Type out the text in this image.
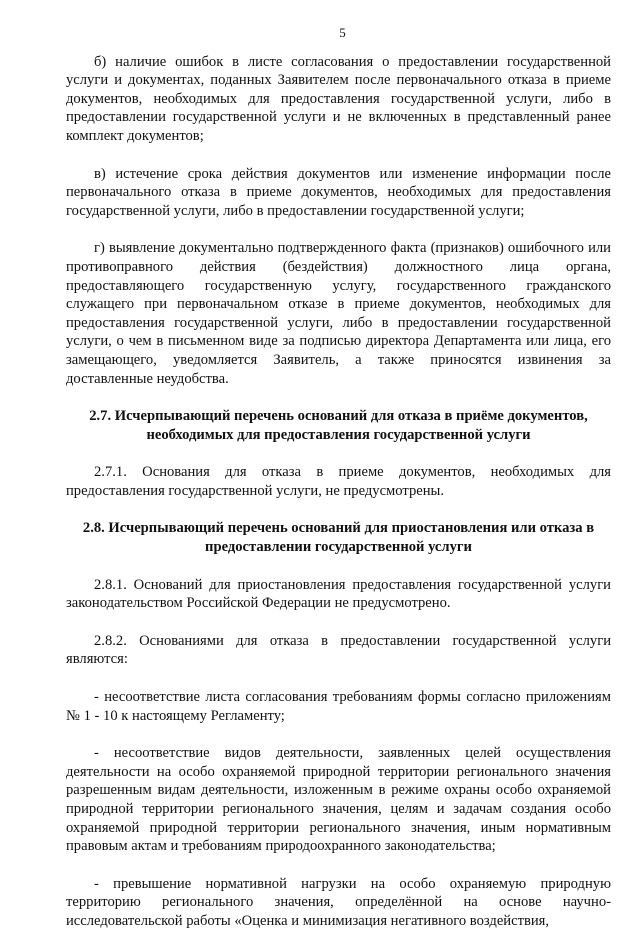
5

б) наличие ошибок в листе согласования о предоставлении государственной услуги и документах, поданных Заявителем после первоначального отказа в приеме документов, необходимых для предоставления государственной услуги, либо в предоставлении государственной услуги и не включенных в представленный ранее комплект документов;

в) истечение срока действия документов или изменение информации после первоначального отказа в приеме документов, необходимых для предоставления государственной услуги, либо в предоставлении государственной услуги;

г) выявление документально подтвержденного факта (признаков) ошибочного или противоправного действия (бездействия) должностного лица органа, предоставляющего государственную услугу, государственного гражданского служащего при первоначальном отказе в приеме документов, необходимых для предоставления государственной услуги, либо в предоставлении государственной услуги, о чем в письменном виде за подписью директора Департамента или лица, его замещающего, уведомляется Заявитель, а также приносятся извинения за доставленные неудобства.

2.7. Исчерпывающий перечень оснований для отказа в приёме документов, необходимых для предоставления государственной услуги

2.7.1. Основания для отказа в приеме документов, необходимых для предоставления государственной услуги, не предусмотрены.

2.8. Исчерпывающий перечень оснований для приостановления или отказа в предоставлении государственной услуги

2.8.1. Оснований для приостановления предоставления государственной услуги законодательством Российской Федерации не предусмотрено.

2.8.2. Основаниями для отказа в предоставлении государственной услуги являются:

- несоответствие листа согласования требованиям формы согласно приложениям № 1 - 10 к настоящему Регламенту;

- несоответствие видов деятельности, заявленных целей осуществления деятельности на особо охраняемой природной территории регионального значения разрешенным видам деятельности, изложенным в режиме охраны особо охраняемой природной территории регионального значения, целям и задачам создания особо охраняемой природной территории регионального значения, иным нормативным правовым актам и требованиям природоохранного законодательства;

- превышение нормативной нагрузки на особо охраняемую природную территорию регионального значения, определённой на основе научно-исследовательской работы «Оценка и минимизация негативного воздействия,
